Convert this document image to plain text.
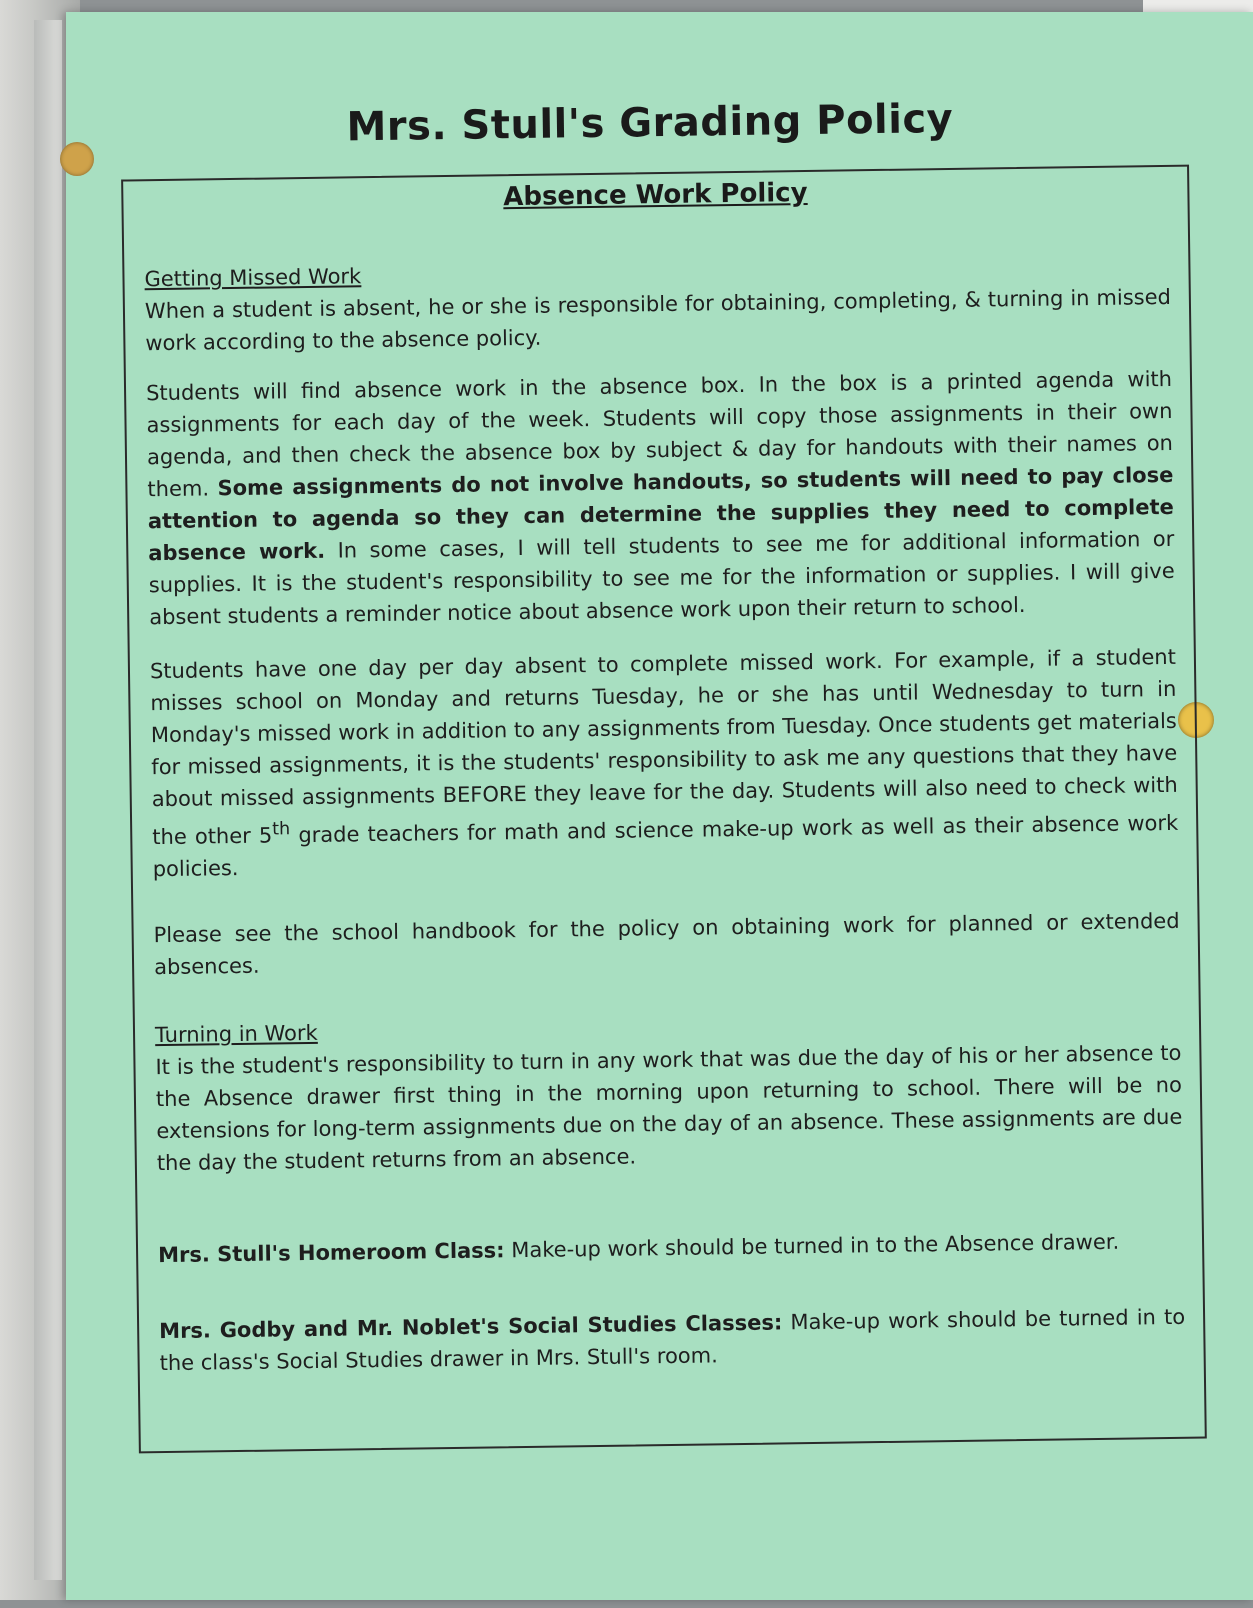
Mrs. Stull's Grading Policy
Absence Work Policy
Getting Missed Work
When a student is absent, he or she is responsible for obtaining, completing, & turning in missed work according to the absence policy.
Students will find absence work in the absence box. In the box is a printed agenda with assignments for each day of the week. Students will copy those assignments in their own agenda, and then check the absence box by subject & day for handouts with their names on them. Some assignments do not involve handouts, so students will need to pay close attention to agenda so they can determine the supplies they need to complete absence work. In some cases, I will tell students to see me for additional information or supplies. It is the student's responsibility to see me for the information or supplies. I will give absent students a reminder notice about absence work upon their return to school.
Students have one day per day absent to complete missed work. For example, if a student misses school on Monday and returns Tuesday, he or she has until Wednesday to turn in Monday's missed work in addition to any assignments from Tuesday. Once students get materials for missed assignments, it is the students' responsibility to ask me any questions that they have about missed assignments BEFORE they leave for the day. Students will also need to check with the other 5th grade teachers for math and science make-up work as well as their absence work policies.
Please see the school handbook for the policy on obtaining work for planned or extended absences.
Turning in Work
It is the student's responsibility to turn in any work that was due the day of his or her absence to the Absence drawer first thing in the morning upon returning to school. There will be no extensions for long-term assignments due on the day of an absence. These assignments are due the day the student returns from an absence.
Mrs. Stull's Homeroom Class: Make-up work should be turned in to the Absence drawer.
Mrs. Godby and Mr. Noblet's Social Studies Classes: Make-up work should be turned in to the class's Social Studies drawer in Mrs. Stull's room.
